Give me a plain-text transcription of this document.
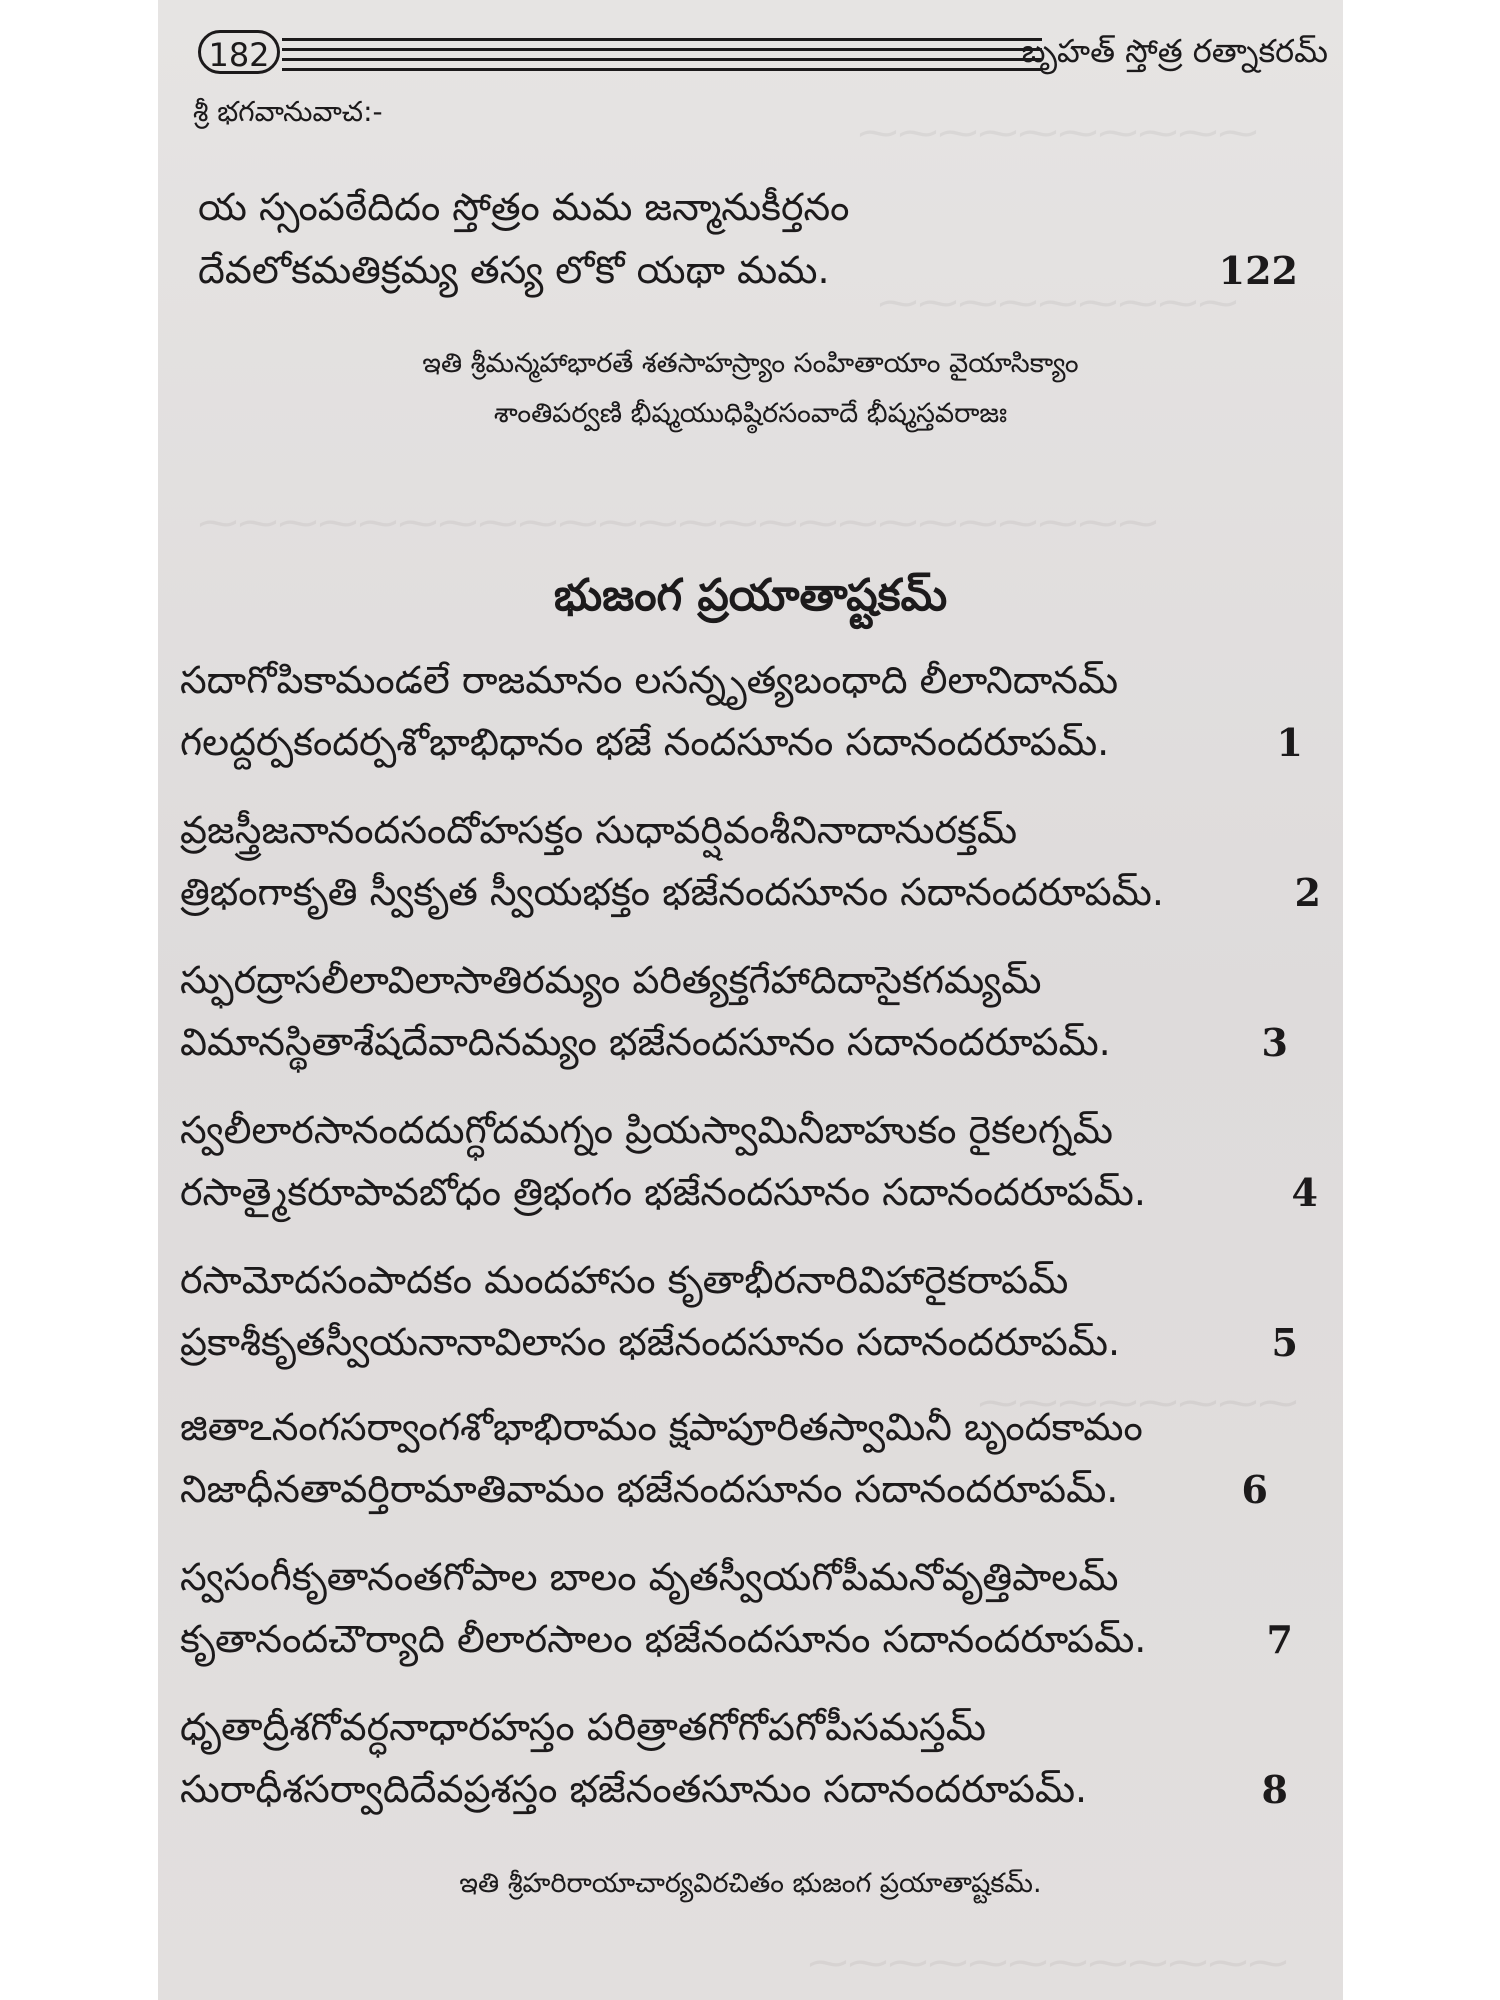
⁓⁓⁓⁓⁓⁓⁓⁓⁓⁓
⁓⁓⁓⁓⁓⁓⁓⁓⁓
⁓⁓⁓⁓⁓⁓⁓⁓⁓⁓⁓⁓⁓⁓⁓⁓⁓⁓⁓⁓⁓⁓⁓⁓
⁓⁓⁓⁓⁓⁓⁓⁓
⁓⁓⁓⁓⁓⁓⁓⁓⁓⁓⁓⁓
182	బృహత్ స్తోత్ర రత్నాకరమ్
శ్రీ భగవానువాచ:-
య స్సంపఠేదిదం స్తోత్రం మమ జన్మానుకీర్తనం
దేవలోకమతిక్రమ్య తస్య లోకో యథా మమ.	122
ఇతి శ్రీమన్మహాభారతే శతసాహస్ర్యాం సంహితాయాం వైయాసిక్యాం
శాంతిపర్వణి భీష్మయుధిష్ఠిరసంవాదే భీష్మస్తవరాజః
భుజంగ ప్రయాతాష్టకమ్
సదాగోపికామండలే రాజమానం లసన్నృత్యబంధాది లీలానిదానమ్
గలద్దర్పకందర్పశోభాభిధానం భజే నందసూనం సదానందరూపమ్.	1
వ్రజస్త్రీజనానందసందోహసక్తం సుధావర్షివంశీనినాదానురక్తమ్
త్రిభంగాకృతి స్వీకృత స్వీయభక్తం భజేనందసూనం సదానందరూపమ్.	2
స్ఫురద్రాసలీలావిలాసాతిరమ్యం పరిత్యక్తగేహాదిదాసైకగమ్యమ్
విమానస్థితాశేషదేవాదినమ్యం భజేనందసూనం సదానందరూపమ్.	3
స్వలీలారసానందదుగ్ధోదమగ్నం ప్రియస్వామినీబాహుకం రైకలగ్నమ్
రసాత్మైకరూపావబోధం త్రిభంగం భజేనందసూనం సదానందరూపమ్.	4
రసామోదసంపాదకం మందహాసం కృతాభీరనారివిహారైకరాపమ్
ప్రకాశీకృతస్వీయనానావిలాసం భజేనందసూనం సదానందరూపమ్.	5
జితాఽనంగసర్వాంగశోభాభిరామం క్షపాపూరితస్వామినీ బృందకామం
నిజాధీనతావర్తిరామాతివామం భజేనందసూనం సదానందరూపమ్.	6
స్వసంగీకృతానంతగోపాల బాలం వృతస్వీయగోపీమనోవృత్తిపాలమ్
కృతానందచౌర్యాది లీలారసాలం భజేనందసూనం సదానందరూపమ్.	7
ధృతాద్రీశగోవర్ధనాధారహస్తం పరిత్రాతగోగోపగోపీసమస్తమ్
సురాధీశసర్వాదిదేవప్రశస్తం భజేనంతసూనుం సదానందరూపమ్.	8
ఇతి శ్రీహరిరాయాచార్యవిరచితం భుజంగ ప్రయాతాష్టకమ్.
